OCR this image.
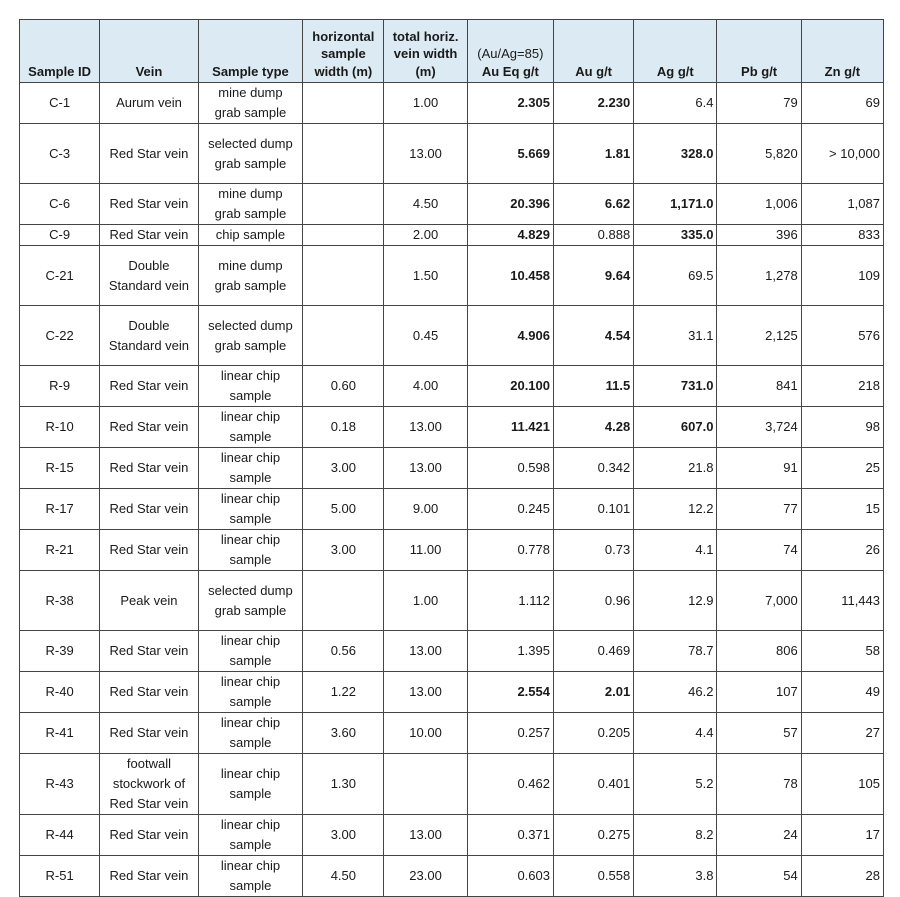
Sample ID	Vein	Sample type	horizontal
sample
width (m)	total horiz.
vein width
(m)	(Au/Ag=85)
Au Eq g/t	Au g/t	Ag g/t	Pb g/t	Zn g/t

C-1	Aurum vein	mine dump
grab sample		1.00	2.305	2.230	6.4	79	69
C-3	Red Star vein	selected dump
grab sample		13.00	5.669	1.81	328.0	5,820	> 10,000
C-6	Red Star vein	mine dump
grab sample		4.50	20.396	6.62	1,171.0	1,006	1,087
C-9	Red Star vein	chip sample		2.00	4.829	0.888	335.0	396	833
C-21	Double
Standard vein	mine dump
grab sample		1.50	10.458	9.64	69.5	1,278	109
C-22	Double
Standard vein	selected dump
grab sample		0.45	4.906	4.54	31.1	2,125	576
R-9	Red Star vein	linear chip
sample	0.60	4.00	20.100	11.5	731.0	841	218
R-10	Red Star vein	linear chip
sample	0.18	13.00	11.421	4.28	607.0	3,724	98
R-15	Red Star vein	linear chip
sample	3.00	13.00	0.598	0.342	21.8	91	25
R-17	Red Star vein	linear chip
sample	5.00	9.00	0.245	0.101	12.2	77	15
R-21	Red Star vein	linear chip
sample	3.00	11.00	0.778	0.73	4.1	74	26
R-38	Peak vein	selected dump
grab sample		1.00	1.112	0.96	12.9	7,000	11,443
R-39	Red Star vein	linear chip
sample	0.56	13.00	1.395	0.469	78.7	806	58
R-40	Red Star vein	linear chip
sample	1.22	13.00	2.554	2.01	46.2	107	49
R-41	Red Star vein	linear chip
sample	3.60	10.00	0.257	0.205	4.4	57	27
R-43	footwall
stockwork of
Red Star vein	linear chip
sample	1.30		0.462	0.401	5.2	78	105
R-44	Red Star vein	linear chip
sample	3.00	13.00	0.371	0.275	8.2	24	17
R-51	Red Star vein	linear chip
sample	4.50	23.00	0.603	0.558	3.8	54	28
